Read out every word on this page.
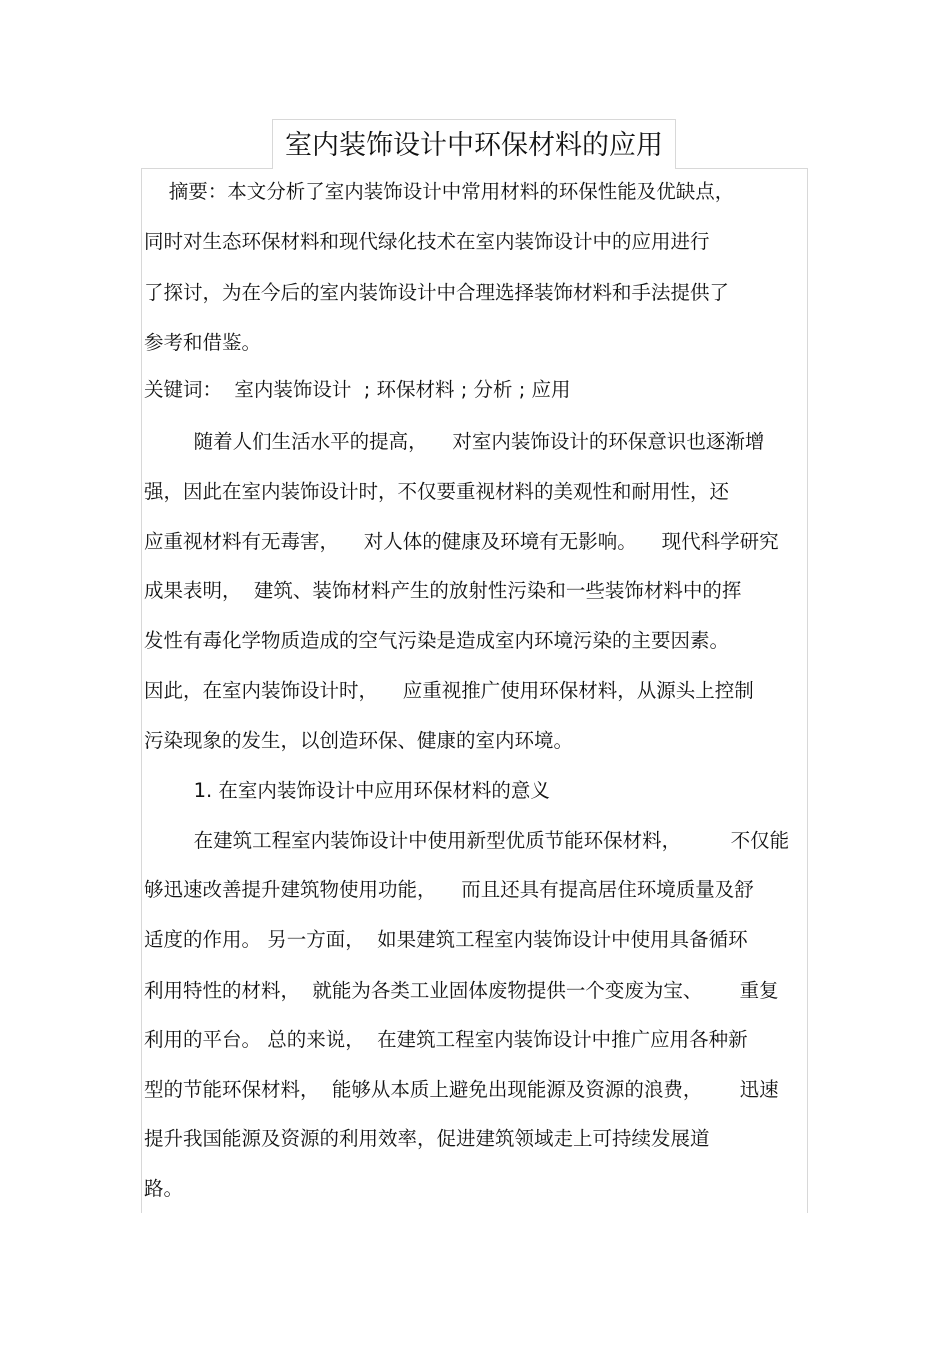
室内装饰设计中环保材料的应用
摘要：本文分析了室内装饰设计中常用材料的环保性能及优缺点，
同时对生态环保材料和现代绿化技术在室内装饰设计中的应用进行
了探讨，为在今后的室内装饰设计中合理选择装饰材料和手法提供了
参考和借鉴。
关键词：  室内装饰设计  ; 环保材料 ; 分析 ; 应用
随着人们生活水平的提高，    对室内装饰设计的环保意识也逐渐增
强，因此在室内装饰设计时，不仅要重视材料的美观性和耐用性，还
应重视材料有无毒害，    对人体的健康及环境有无影响。    现代科学研究
成果表明，  建筑、装饰材料产生的放射性污染和一些装饰材料中的挥
发性有毒化学物质造成的空气污染是造成室内环境污染的主要因素。
因此，在室内装饰设计时，    应重视推广使用环保材料，从源头上控制
污染现象的发生，以创造环保、健康的室内环境。
1. 在室内装饰设计中应用环保材料的意义
在建筑工程室内装饰设计中使用新型优质节能环保材料，        不仅能
够迅速改善提升建筑物使用功能，    而且还具有提高居住环境质量及舒
适度的作用。 另一方面，  如果建筑工程室内装饰设计中使用具备循环
利用特性的材料，  就能为各类工业固体废物提供一个变废为宝、      重复
利用的平台。 总的来说，  在建筑工程室内装饰设计中推广应用各种新
型的节能环保材料，  能够从本质上避免出现能源及资源的浪费，      迅速
提升我国能源及资源的利用效率，促进建筑领域走上可持续发展道
路。
